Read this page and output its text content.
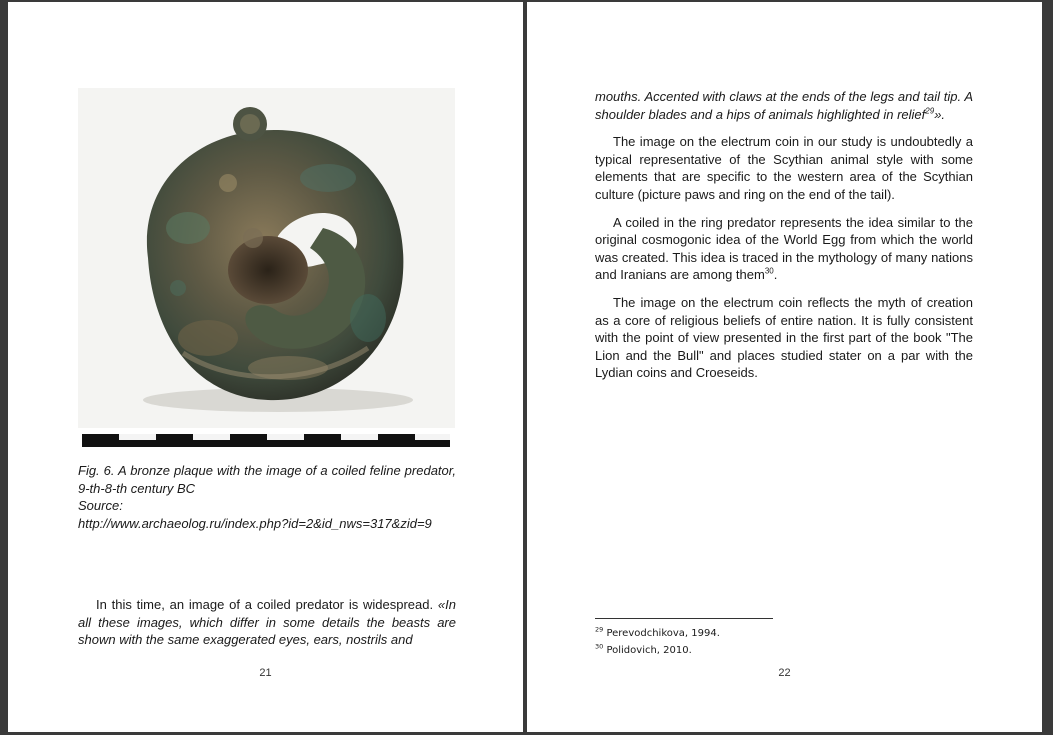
Fig. 6. A bronze plaque with the image of a coiled feline predator, 9-th-8-th century BC
Source:
http://www.archaeolog.ru/index.php?id=2&id_nws=317&zid=9

In this time, an image of a coiled predator is widespread. «In all these images, which differ in some details the beasts are shown with the same exaggerated eyes, ears, nostrils and

21

mouths. Accented with claws at the ends of the legs and tail tip. A shoulder blades and a hips of animals highlighted in relief$^{29}$».

The image on the electrum coin in our study is undoubtedly a typical representative of the Scythian animal style with some elements that are specific to the western area of the Scythian culture (picture paws and ring on the end of the tail).

A coiled in the ring predator represents the idea similar to the original cosmogonic idea of the World Egg from which the world was created. This idea is traced in the mythology of many nations and Iranians are among them$^{30}$.

The image on the electrum coin reflects the myth of creation as a core of religious beliefs of entire nation. It is fully consistent with the point of view presented in the first part of the book "The Lion and the Bull" and places studied stater on a par with the Lydian coins and Croeseids.

$^{29}$ Perevodchikova, 1994.
$^{30}$ Polidovich, 2010.
22
